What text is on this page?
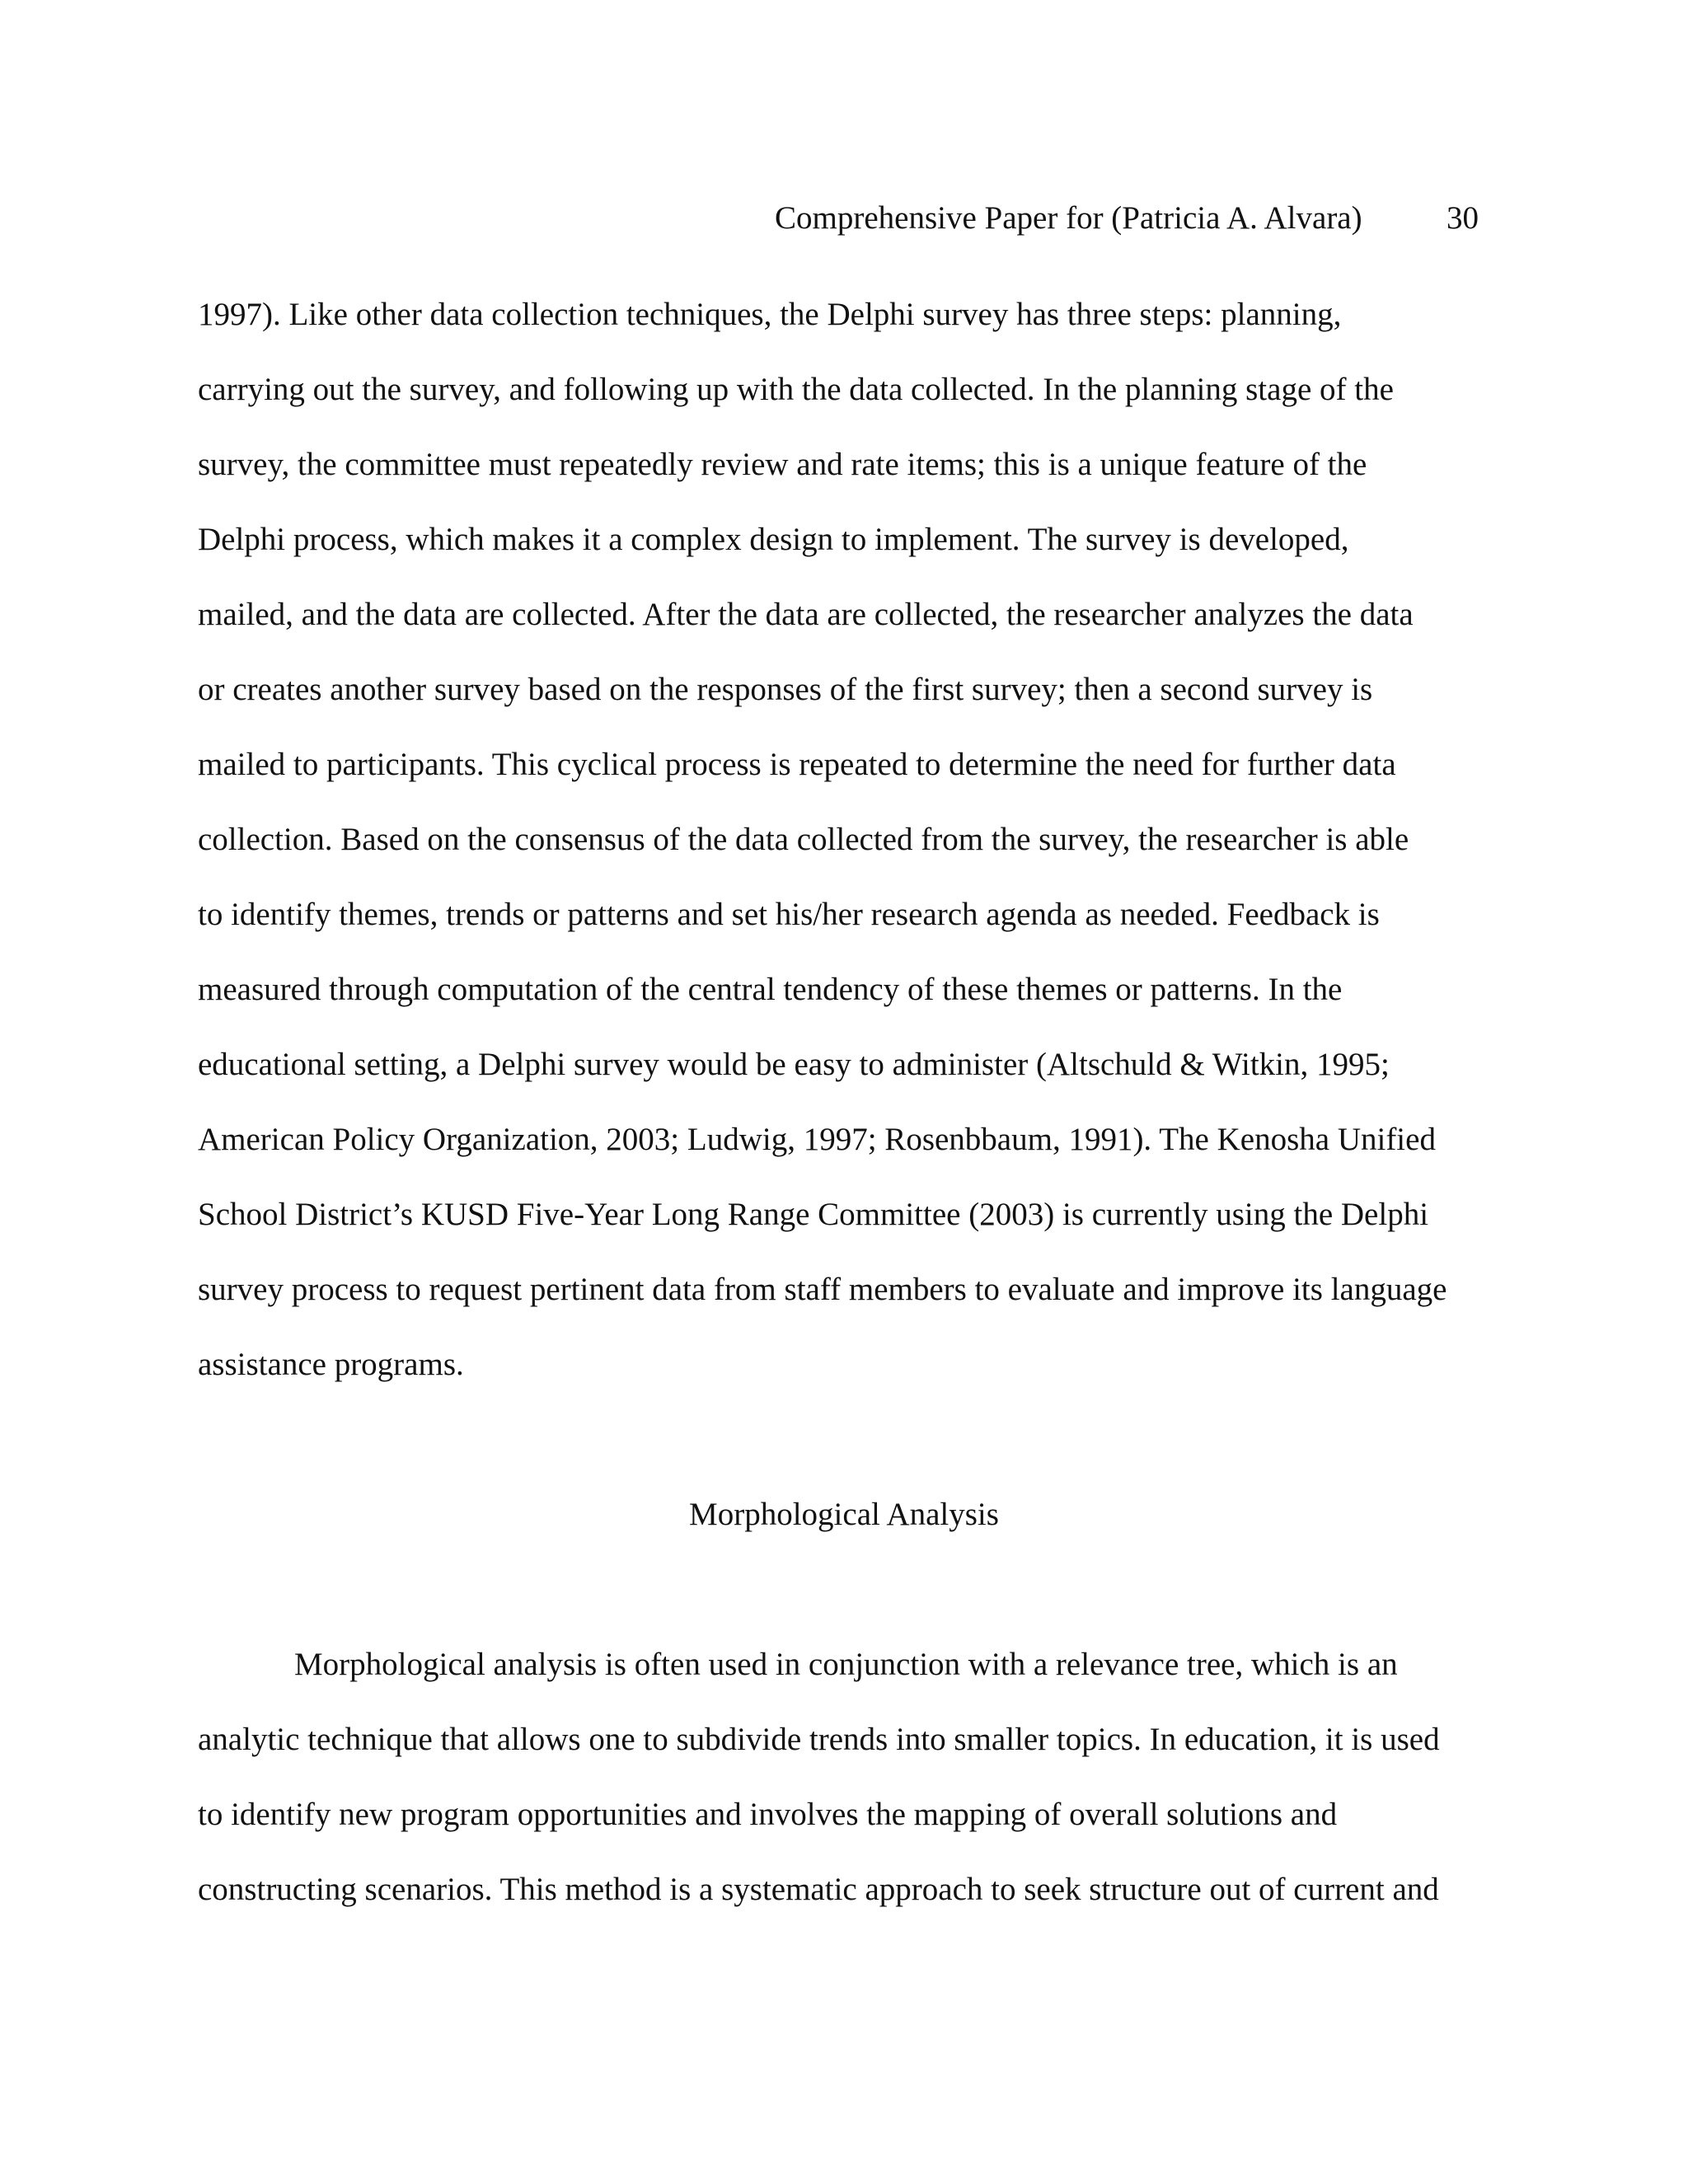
Comprehensive Paper for (Patricia A. Alvara)	30
1997). Like other data collection techniques, the Delphi survey has three steps: planning,
carrying out the survey, and following up with the data collected. In the planning stage of the
survey, the committee must repeatedly review and rate items; this is a unique feature of the
Delphi process, which makes it a complex design to implement. The survey is developed,
mailed, and the data are collected. After the data are collected, the researcher analyzes the data
or creates another survey based on the responses of the first survey; then a second survey is
mailed to participants. This cyclical process is repeated to determine the need for further data
collection. Based on the consensus of the data collected from the survey, the researcher is able
to identify themes, trends or patterns and set his/her research agenda as needed. Feedback is
measured through computation of the central tendency of these themes or patterns. In the
educational setting, a Delphi survey would be easy to administer (Altschuld & Witkin, 1995;
American Policy Organization, 2003; Ludwig, 1997; Rosenbbaum, 1991). The Kenosha Unified
School District’s KUSD Five-Year Long Range Committee (2003) is currently using the Delphi
survey process to request pertinent data from staff members to evaluate and improve its language
assistance programs.
Morphological Analysis
Morphological analysis is often used in conjunction with a relevance tree, which is an
analytic technique that allows one to subdivide trends into smaller topics. In education, it is used
to identify new program opportunities and involves the mapping of overall solutions and
constructing scenarios. This method is a systematic approach to seek structure out of current and
